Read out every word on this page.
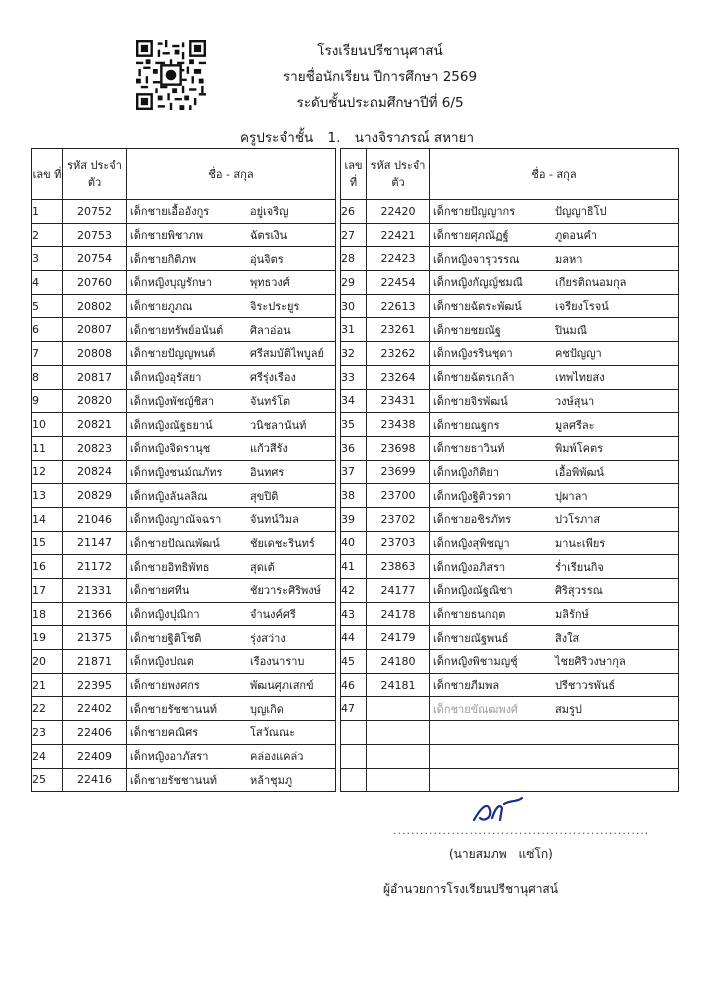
โรงเรียนปรีชานุศาสน์
รายชื่อนักเรียน ปีการศึกษา 2569
ระดับชั้นประถมศึกษาปีที่ 6/5
ครูประจำชั้น 1. นางจิราภรณ์ สหายา
เลข ที่	รหัส ประจำตัว	ชื่อ - สกุล
1	20752	เด็กชายเอื้ออังกูร อยู่เจริญ
2	20753	เด็กชายพิชาภพ ฉัตรเงิน
3	20754	เด็กชายกิติภพ อุ่นจิตร
4	20760	เด็กหญิงบุญรักษา พุทธวงศ์
5	20802	เด็กชายภูภณ จิระประยูร
6	20807	เด็กชายทรัพย์อนันต์ ศิลาอ่อน
7	20808	เด็กชายปัญญพนต์ ศรีสมบัติไพบูลย์
8	20817	เด็กหญิงอุรัสยา ศรีรุ่งเรือง
9	20820	เด็กหญิงพัชญ์ชิสา จันทร์โต
10	20821	เด็กหญิงณัฐธยาน์ วนิชลานันท์
11	20823	เด็กหญิงจิดรานุช แก้วสีรัง
12	20824	เด็กหญิงชนม์ณภัทร อินทศร
13	20829	เด็กหญิงลันลลิณ สุขปิติ
14	21046	เด็กหญิงญาณัจฉรา จันทน์วิมล
15	21147	เด็กชายปัณณพัฒน์ ชัยเดชะรินทร์
16	21172	เด็กชายอิทธิพัทธ สุดเต้
17	21331	เด็กชายศทีน ชัยวาระศิริพงษ์
18	21366	เด็กหญิงปุณิกา จำนงค์ศรี
19	21375	เด็กชายฐิติโชติ รุ่งสว่าง
20	21871	เด็กหญิงปณต เรืองนาราบ
21	22395	เด็กชายพงศกร พัฒนศุภเสกข์
22	22402	เด็กชายรัชชานนท์ บุญเกิด
23	22406	เด็กชายคณิศร โสวัณณะ
24	22409	เด็กหญิงอาภัสรา คล่องแคล่ว
25	22416	เด็กชายรัชชานนท์ หล้าชุมภู
เลข ที่	รหัส ประจำตัว	ชื่อ - สกุล
26	22420	เด็กชายปัญญากร ปัญญาธิโป
27	22421	เด็กชายศุภณัฏฐ์ ภูดอนคำ
28	22423	เด็กหญิงจารุวรรณ มลหา
29	22454	เด็กหญิงกัญญ์ชมณี เกียรติถนอมกุล
30	22613	เด็กชายฉัตระพัฒน์ เจรียงโรจน์
31	23261	เด็กชายชยณัฐ ปินมณี
32	23262	เด็กหญิงรรินชุดา คชปัญญา
33	23264	เด็กชายฉัตรเกล้า เทพไทยสง
34	23431	เด็กชายจิรพัฒน์ วงษ์สุนา
35	23438	เด็กชายณฐกร มูลศรีละ
36	23698	เด็กชายธาวินท์ พิมพ์โคตร
37	23699	เด็กหญิงกิติยา เอื้อพิพัฒน์
38	23700	เด็กหญิงฐิติวรดา ปุผาลา
39	23702	เด็กชายอชิรภัทร ปวโรภาส
40	23703	เด็กหญิงสุพิชญา มานะเพียร
41	23863	เด็กหญิงอภิสรา ร่ำเรียนกิจ
42	24177	เด็กหญิงณัฐณิชา ศิริสุวรรณ
43	24178	เด็กชายธนกฤต มลิรักษ์
44	24179	เด็กชายณัฐพนธ์ สิงใส
45	24180	เด็กหญิงพิชามญชุ์ ไชยศิริวงษากุล
46	24181	เด็กชายภีมพล ปรีชาวรพันธ์
47		เด็กชายขัณฒพงศ์ สมรูป

.........................................................
(นายสมภพ แซ่โก)
ผู้อำนวยการโรงเรียนปรีชานุศาสน์
